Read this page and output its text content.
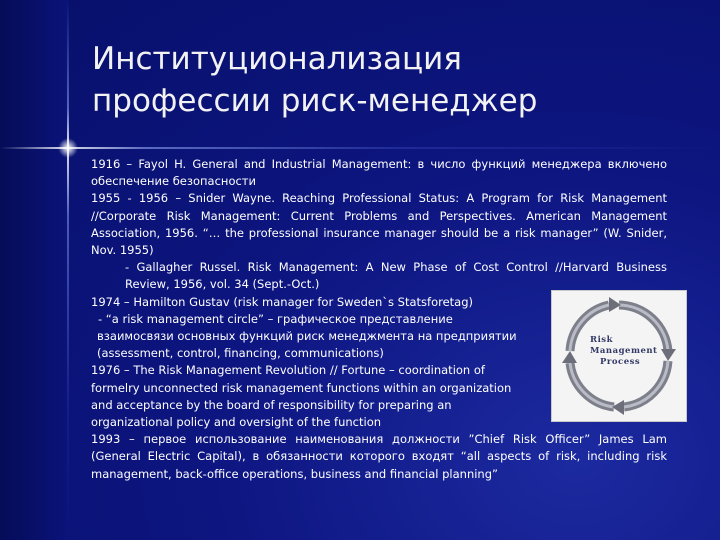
Институционализация
профессии риск-менеджер

1916 – Fayol H. General and Industrial Management: в число функций менеджера включено обеспечение безопасности

1955 - 1956 – Snider Wayne. Reaching Professional Status: A Program for Risk Management //Corporate Risk Management: Current Problems and Perspectives. American Management Association, 1956. “… the professional insurance manager should be a risk manager” (W. Snider, Nov. 1955)

- Gallagher Russel. Risk Management: A New Phase of Cost Control //Harvard Business Review, 1956, vol. 34 (Sept.-Oct.)

1974 – Hamilton Gustav (risk manager for Sweden`s Statsforetag)

- “a risk management circle” – графическое представление

взаимосвязи основных функций риск менеджмента на предприятии

(assessment, control, financing, communications)

1976 – The Risk Management Revolution // Fortune – coordination of

formelry unconnected risk management functions within an organization

and acceptance by the board of responsibility for preparing an

organizational policy and oversight of the function

1993 – первое использование наименования должности ”Chief Risk Officer” James Lam (General Electric Capital), в обязанности которого входят “all aspects of risk, including risk management, back-office operations, business and financial planning”

Risk
Management
Process
